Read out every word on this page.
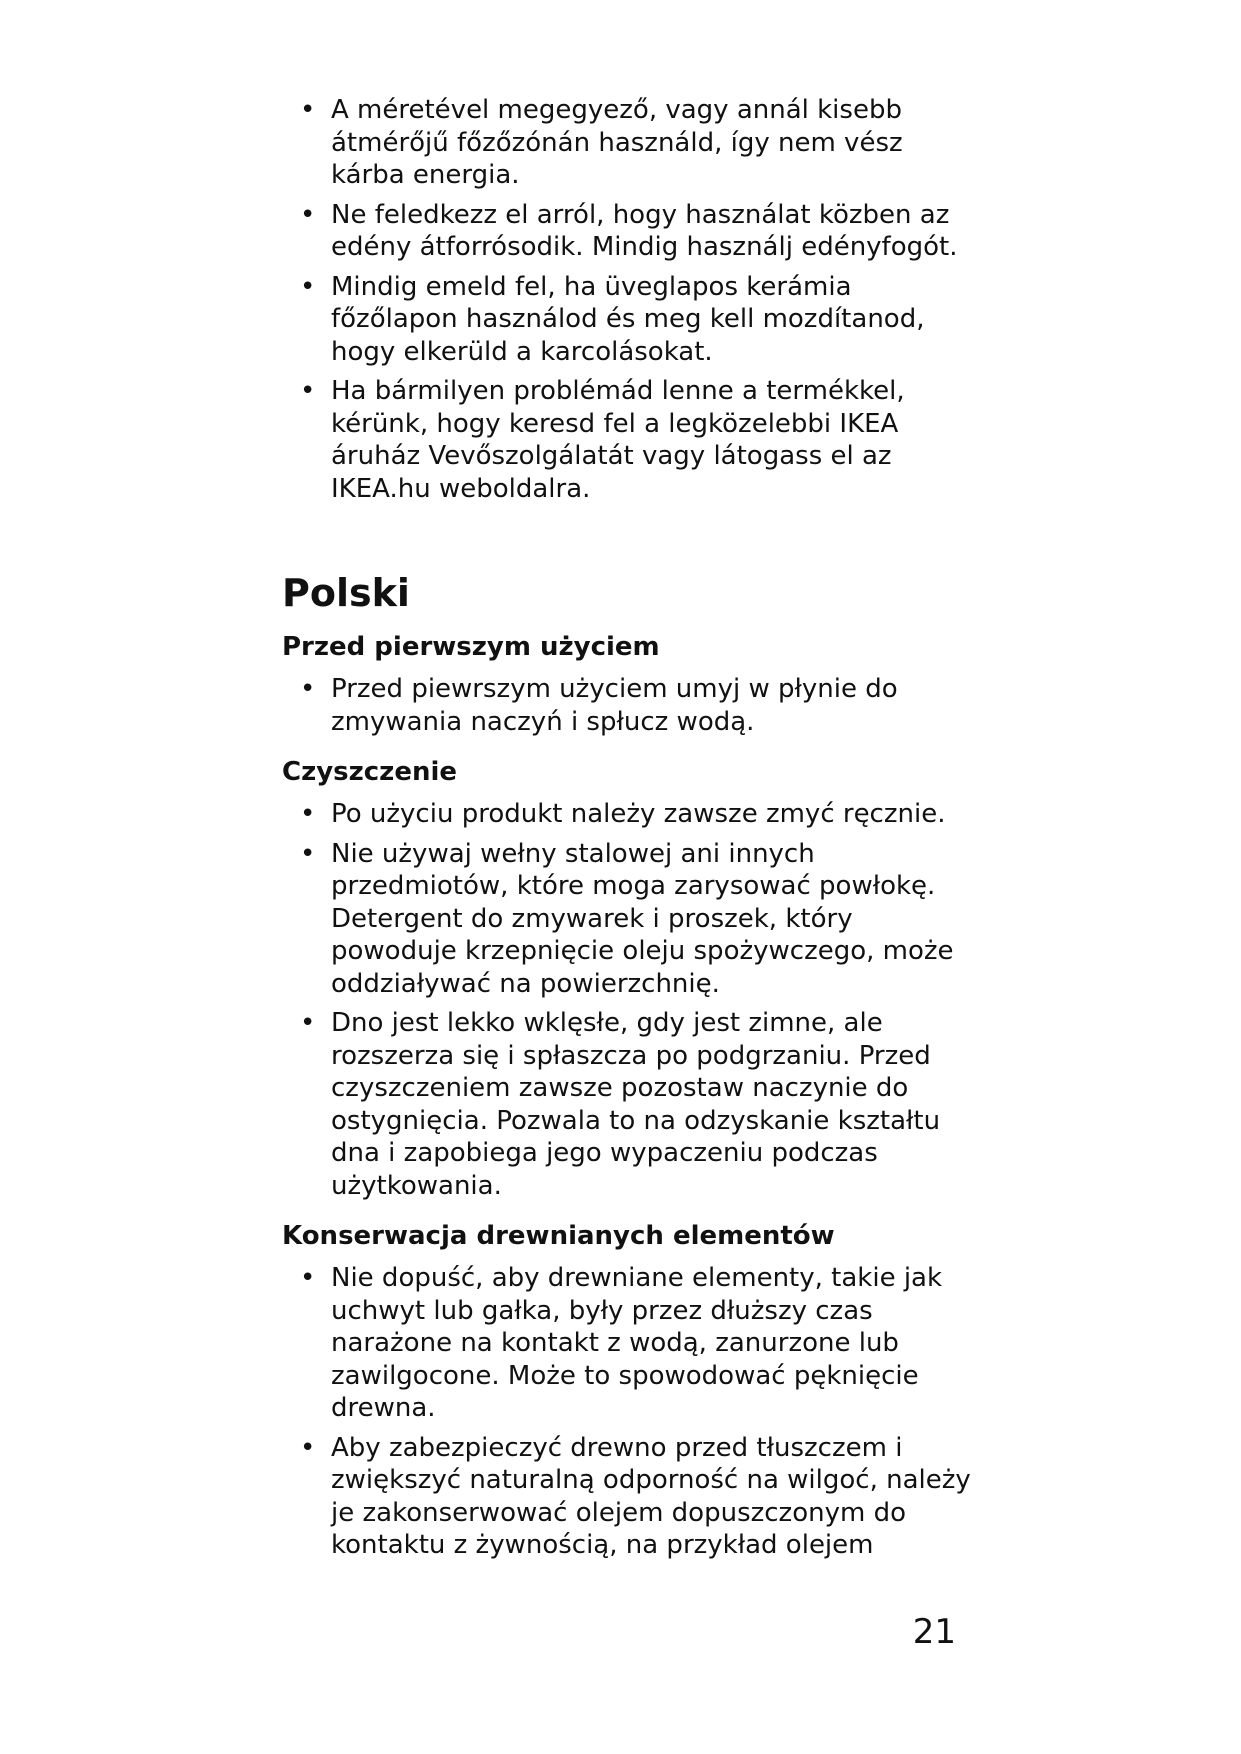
• A méretével megegyező, vagy annál kisebb átmérőjű főzőzónán használd, így nem vész kárba energia.
• Ne feledkezz el arról, hogy használat közben az edény átforrósodik. Mindig használj edényfogót.
• Mindig emeld fel, ha üveglapos kerámia főzőlapon használod és meg kell mozdítanod, hogy elkerüld a karcolásokat.
• Ha bármilyen problémád lenne a termékkel, kérünk, hogy keresd fel a legközelebbi IKEA áruház Vevőszolgálatát vagy látogass el az IKEA.hu weboldalra.
Polski
Przed pierwszym użyciem
• Przed piewrszym użyciem umyj w płynie do zmywania naczyń i spłucz wodą.
Czyszczenie
• Po użyciu produkt należy zawsze zmyć ręcznie.
• Nie używaj wełny stalowej ani innych przedmiotów, które moga zarysować powłokę. Detergent do zmywarek i proszek, który powoduje krzepnięcie oleju spożywczego, może oddziaływać na powierzchnię.
• Dno jest lekko wklęsłe, gdy jest zimne, ale rozszerza się i spłaszcza po podgrzaniu. Przed czyszczeniem zawsze pozostaw naczynie do ostygnięcia. Pozwala to na odzyskanie kształtu dna i zapobiega jego wypaczeniu podczas użytkowania.
Konserwacja drewnianych elementów
• Nie dopuść, aby drewniane elementy, takie jak uchwyt lub gałka, były przez dłuższy czas narażone na kontakt z wodą, zanurzone lub zawilgocone. Może to spowodować pęknięcie drewna.
• Aby zabezpieczyć drewno przed tłuszczem i zwiększyć naturalną odporność na wilgoć, należy je zakonserwować olejem dopuszczonym do kontaktu z żywnością, na przykład olejem
21
